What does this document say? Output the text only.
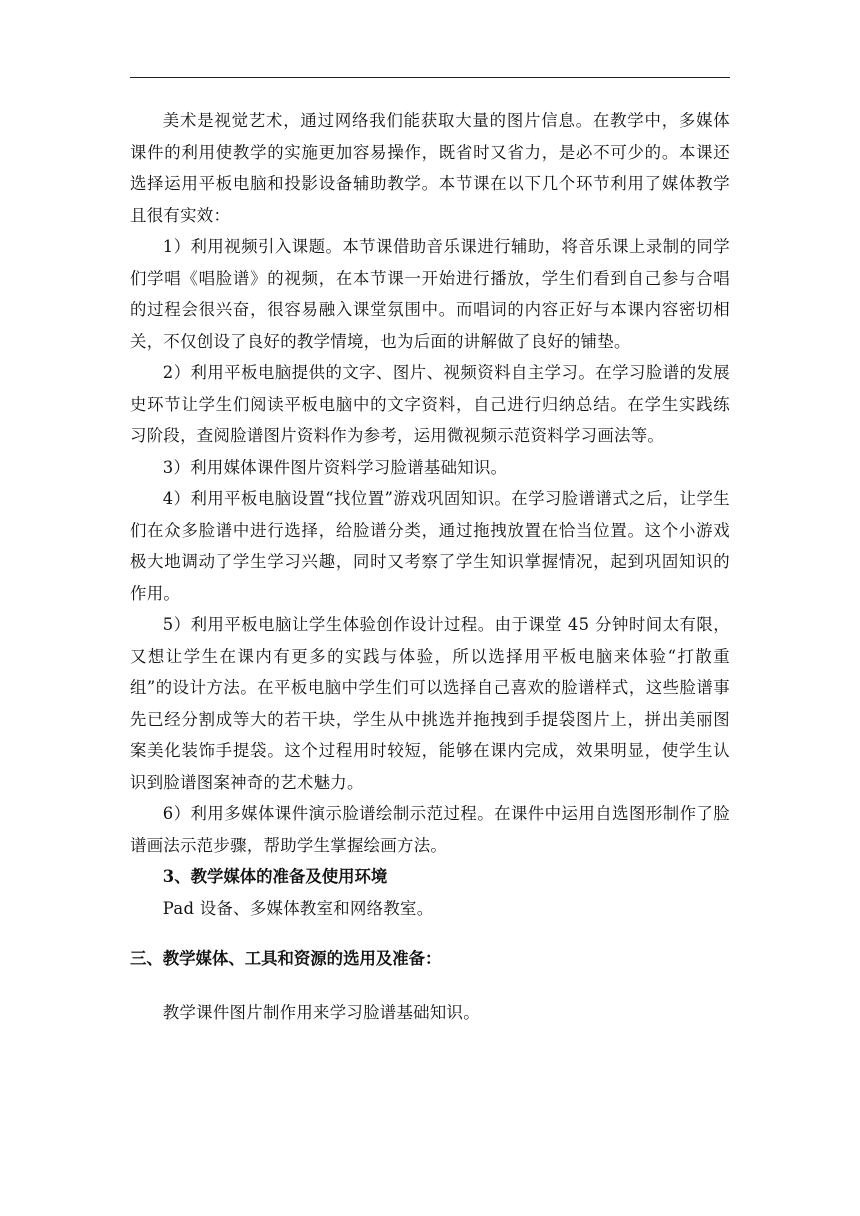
美术是视觉艺术，通过网络我们能获取大量的图片信息。在教学中，多媒体课件的利用使教学的实施更加容易操作，既省时又省力，是必不可少的。本课还选择运用平板电脑和投影设备辅助教学。本节课在以下几个环节利用了媒体教学且很有实效：

1）利用视频引入课题。本节课借助音乐课进行辅助，将音乐课上录制的同学们学唱《唱脸谱》的视频，在本节课一开始进行播放，学生们看到自己参与合唱的过程会很兴奋，很容易融入课堂氛围中。而唱词的内容正好与本课内容密切相关，不仅创设了良好的教学情境，也为后面的讲解做了良好的铺垫。

2）利用平板电脑提供的文字、图片、视频资料自主学习。在学习脸谱的发展史环节让学生们阅读平板电脑中的文字资料，自己进行归纳总结。在学生实践练习阶段，查阅脸谱图片资料作为参考，运用微视频示范资料学习画法等。

3）利用媒体课件图片资料学习脸谱基础知识。

4）利用平板电脑设置“找位置”游戏巩固知识。在学习脸谱谱式之后，让学生们在众多脸谱中进行选择，给脸谱分类，通过拖拽放置在恰当位置。这个小游戏极大地调动了学生学习兴趣，同时又考察了学生知识掌握情况，起到巩固知识的作用。

5）利用平板电脑让学生体验创作设计过程。由于课堂 45 分钟时间太有限，又想让学生在课内有更多的实践与体验，所以选择用平板电脑来体验“打散重组”的设计方法。在平板电脑中学生们可以选择自己喜欢的脸谱样式，这些脸谱事先已经分割成等大的若干块，学生从中挑选并拖拽到手提袋图片上，拼出美丽图案美化装饰手提袋。这个过程用时较短，能够在课内完成，效果明显，使学生认识到脸谱图案神奇的艺术魅力。

6）利用多媒体课件演示脸谱绘制示范过程。在课件中运用自选图形制作了脸谱画法示范步骤，帮助学生掌握绘画方法。

3、教学媒体的准备及使用环境

Pad 设备、多媒体教室和网络教室。

三、教学媒体、工具和资源的选用及准备：

教学课件图片制作用来学习脸谱基础知识。
